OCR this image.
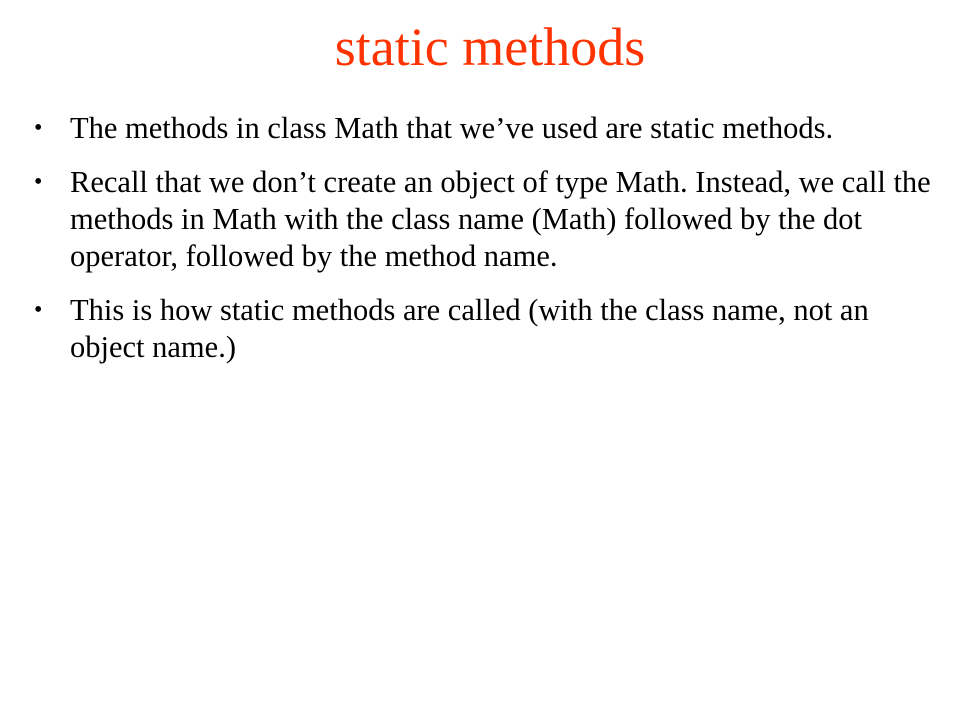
static methods
• The methods in class Math that we’ve used are static methods.
• Recall that we don’t create an object of type Math. Instead, we call the methods in Math with the class name (Math) followed by the dot operator, followed by the method name.
• This is how static methods are called (with the class name, not an object name.)
